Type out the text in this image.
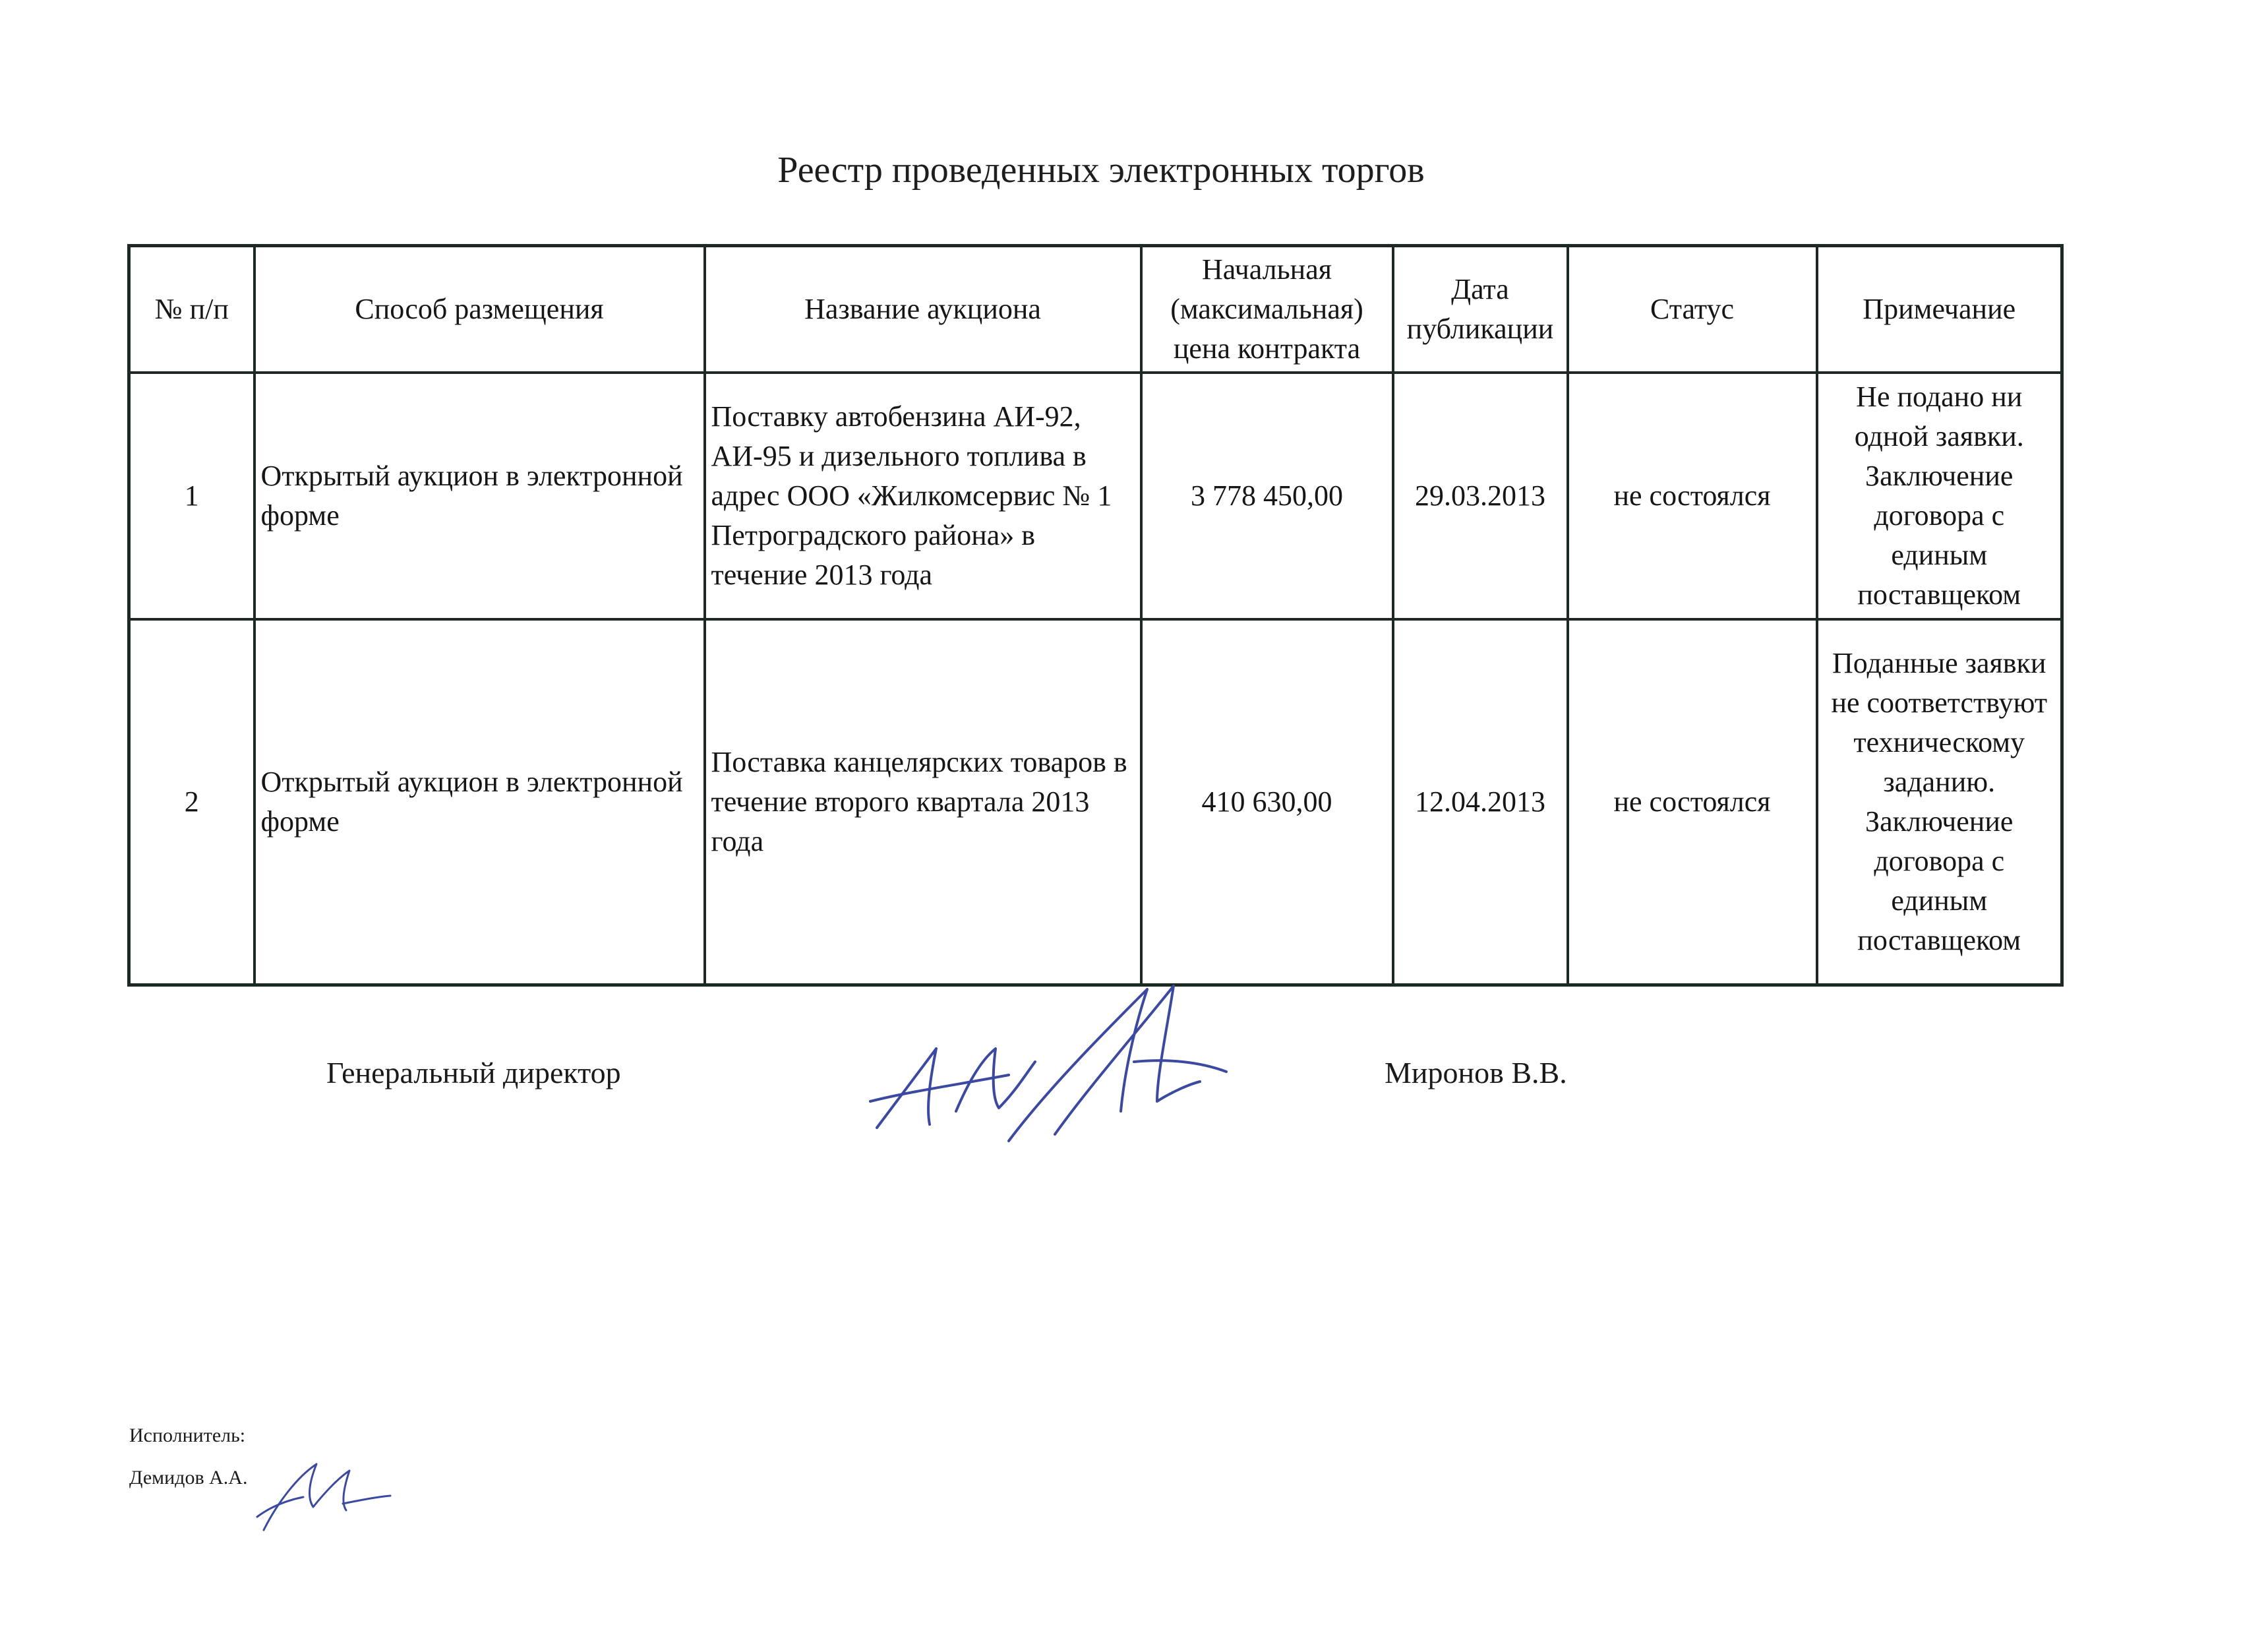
Реестр проведенных электронных торгов
№ п/п	Способ размещения	Название аукциона	Начальная (максимальная) цена контракта	Дата публикации	Статус	Примечание
1	Открытый аукцион в электронной форме	Поставку автобензина АИ-92, АИ-95 и дизельного топлива в адрес ООО «Жилкомсервис № 1 Петроградского района» в течение 2013 года	3 778 450,00	29.03.2013	не состоялся	Не подано ни одной заявки. Заключение договора с единым поставщеком
2	Открытый аукцион в электронной форме	Поставка канцелярских товаров в течение второго квартала 2013 года	410 630,00	12.04.2013	не состоялся	Поданные заявки не соответствуют техническому заданию. Заключение договора с единым поставщеком
Генеральный директор	Миронов В.В.
Исполнитель:
Демидов А.А.
